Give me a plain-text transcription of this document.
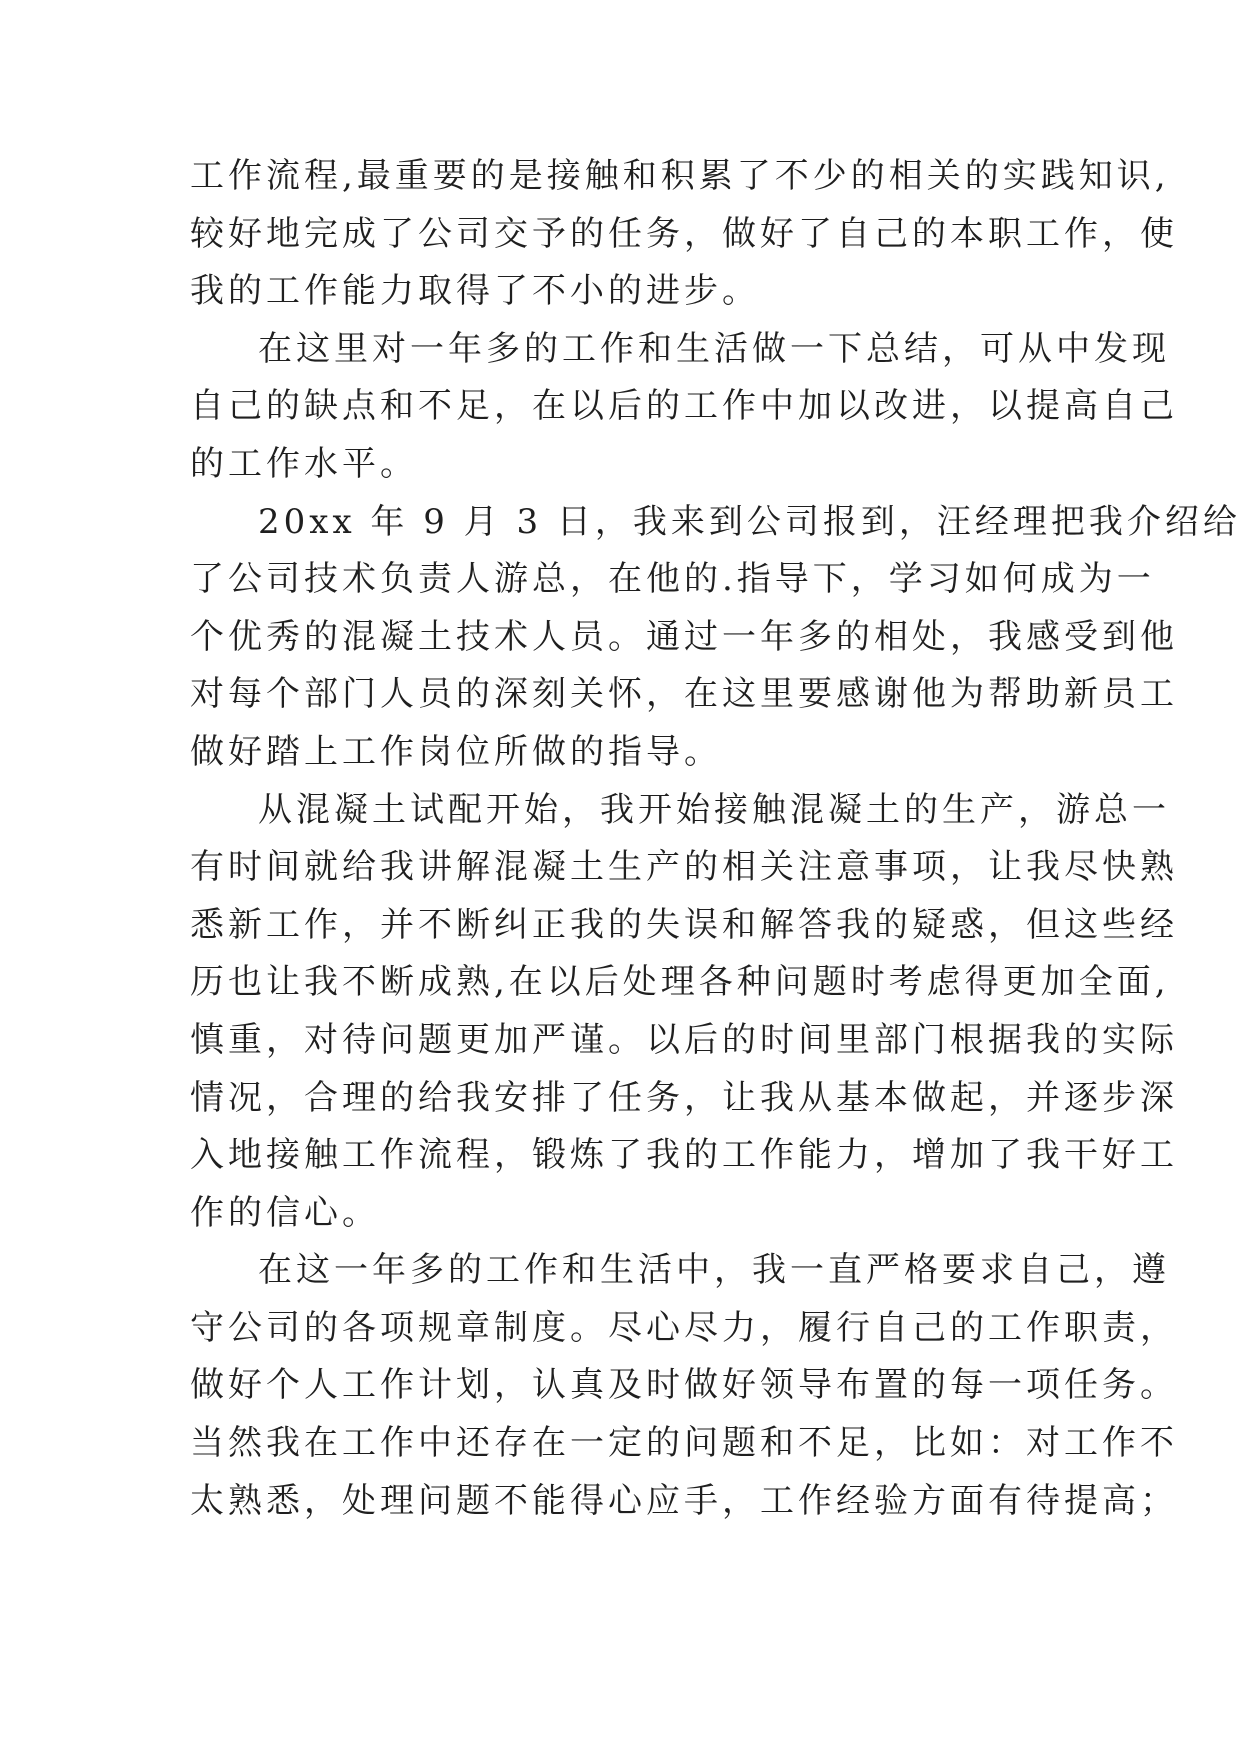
工作流程,最重要的是接触和积累了不少的相关的实践知识,
较好地完成了公司交予的任务，做好了自己的本职工作，使
我的工作能力取得了不小的进步。
在这里对一年多的工作和生活做一下总结，可从中发现
自己的缺点和不足，在以后的工作中加以改进，以提高自己
的工作水平。
20xx 年 9 月 3 日，我来到公司报到，汪经理把我介绍给
了公司技术负责人游总，在他的.指导下，学习如何成为一
个优秀的混凝土技术人员。通过一年多的相处，我感受到他
对每个部门人员的深刻关怀，在这里要感谢他为帮助新员工
做好踏上工作岗位所做的指导。
从混凝土试配开始，我开始接触混凝土的生产，游总一
有时间就给我讲解混凝土生产的相关注意事项，让我尽快熟
悉新工作，并不断纠正我的失误和解答我的疑惑，但这些经
历也让我不断成熟,在以后处理各种问题时考虑得更加全面,
慎重，对待问题更加严谨。以后的时间里部门根据我的实际
情况，合理的给我安排了任务，让我从基本做起，并逐步深
入地接触工作流程，锻炼了我的工作能力，增加了我干好工
作的信心。
在这一年多的工作和生活中，我一直严格要求自己，遵
守公司的各项规章制度。尽心尽力，履行自己的工作职责，
做好个人工作计划，认真及时做好领导布置的每一项任务。
当然我在工作中还存在一定的问题和不足，比如：对工作不
太熟悉，处理问题不能得心应手，工作经验方面有待提高；
